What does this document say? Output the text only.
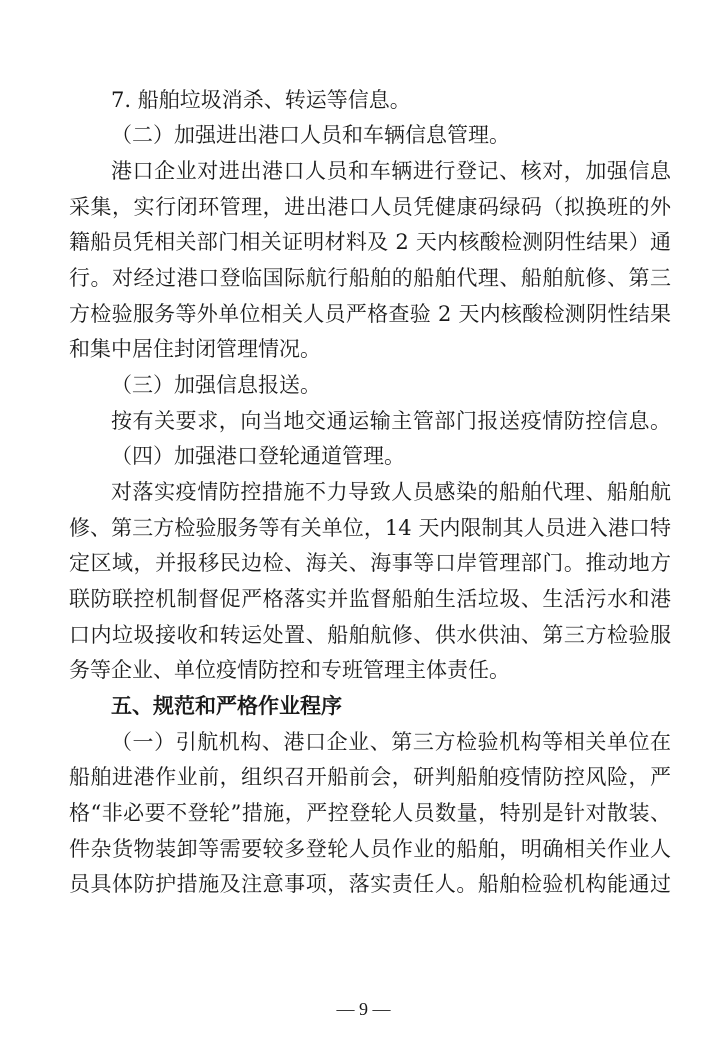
7. 船舶垃圾消杀、转运等信息。
（二）加强进出港口人员和车辆信息管理。
港口企业对进出港口人员和车辆进行登记、核对，加强信息
采集，实行闭环管理，进出港口人员凭健康码绿码（拟换班的外
籍船员凭相关部门相关证明材料及 2 天内核酸检测阴性结果）通
行。对经过港口登临国际航行船舶的船舶代理、船舶航修、第三
方检验服务等外单位相关人员严格查验 2 天内核酸检测阴性结果
和集中居住封闭管理情况。
（三）加强信息报送。
按有关要求，向当地交通运输主管部门报送疫情防控信息。
（四）加强港口登轮通道管理。
对落实疫情防控措施不力导致人员感染的船舶代理、船舶航
修、第三方检验服务等有关单位，14 天内限制其人员进入港口特
定区域，并报移民边检、海关、海事等口岸管理部门。推动地方
联防联控机制督促严格落实并监督船舶生活垃圾、生活污水和港
口内垃圾接收和转运处置、船舶航修、供水供油、第三方检验服
务等企业、单位疫情防控和专班管理主体责任。
五、规范和严格作业程序
（一）引航机构、港口企业、第三方检验机构等相关单位在
船舶进港作业前，组织召开船前会，研判船舶疫情防控风险，严
格“非必要不登轮”措施，严控登轮人员数量，特别是针对散装、
件杂货物装卸等需要较多登轮人员作业的船舶，明确相关作业人
员具体防护措施及注意事项，落实责任人。船舶检验机构能通过
— 9 —
